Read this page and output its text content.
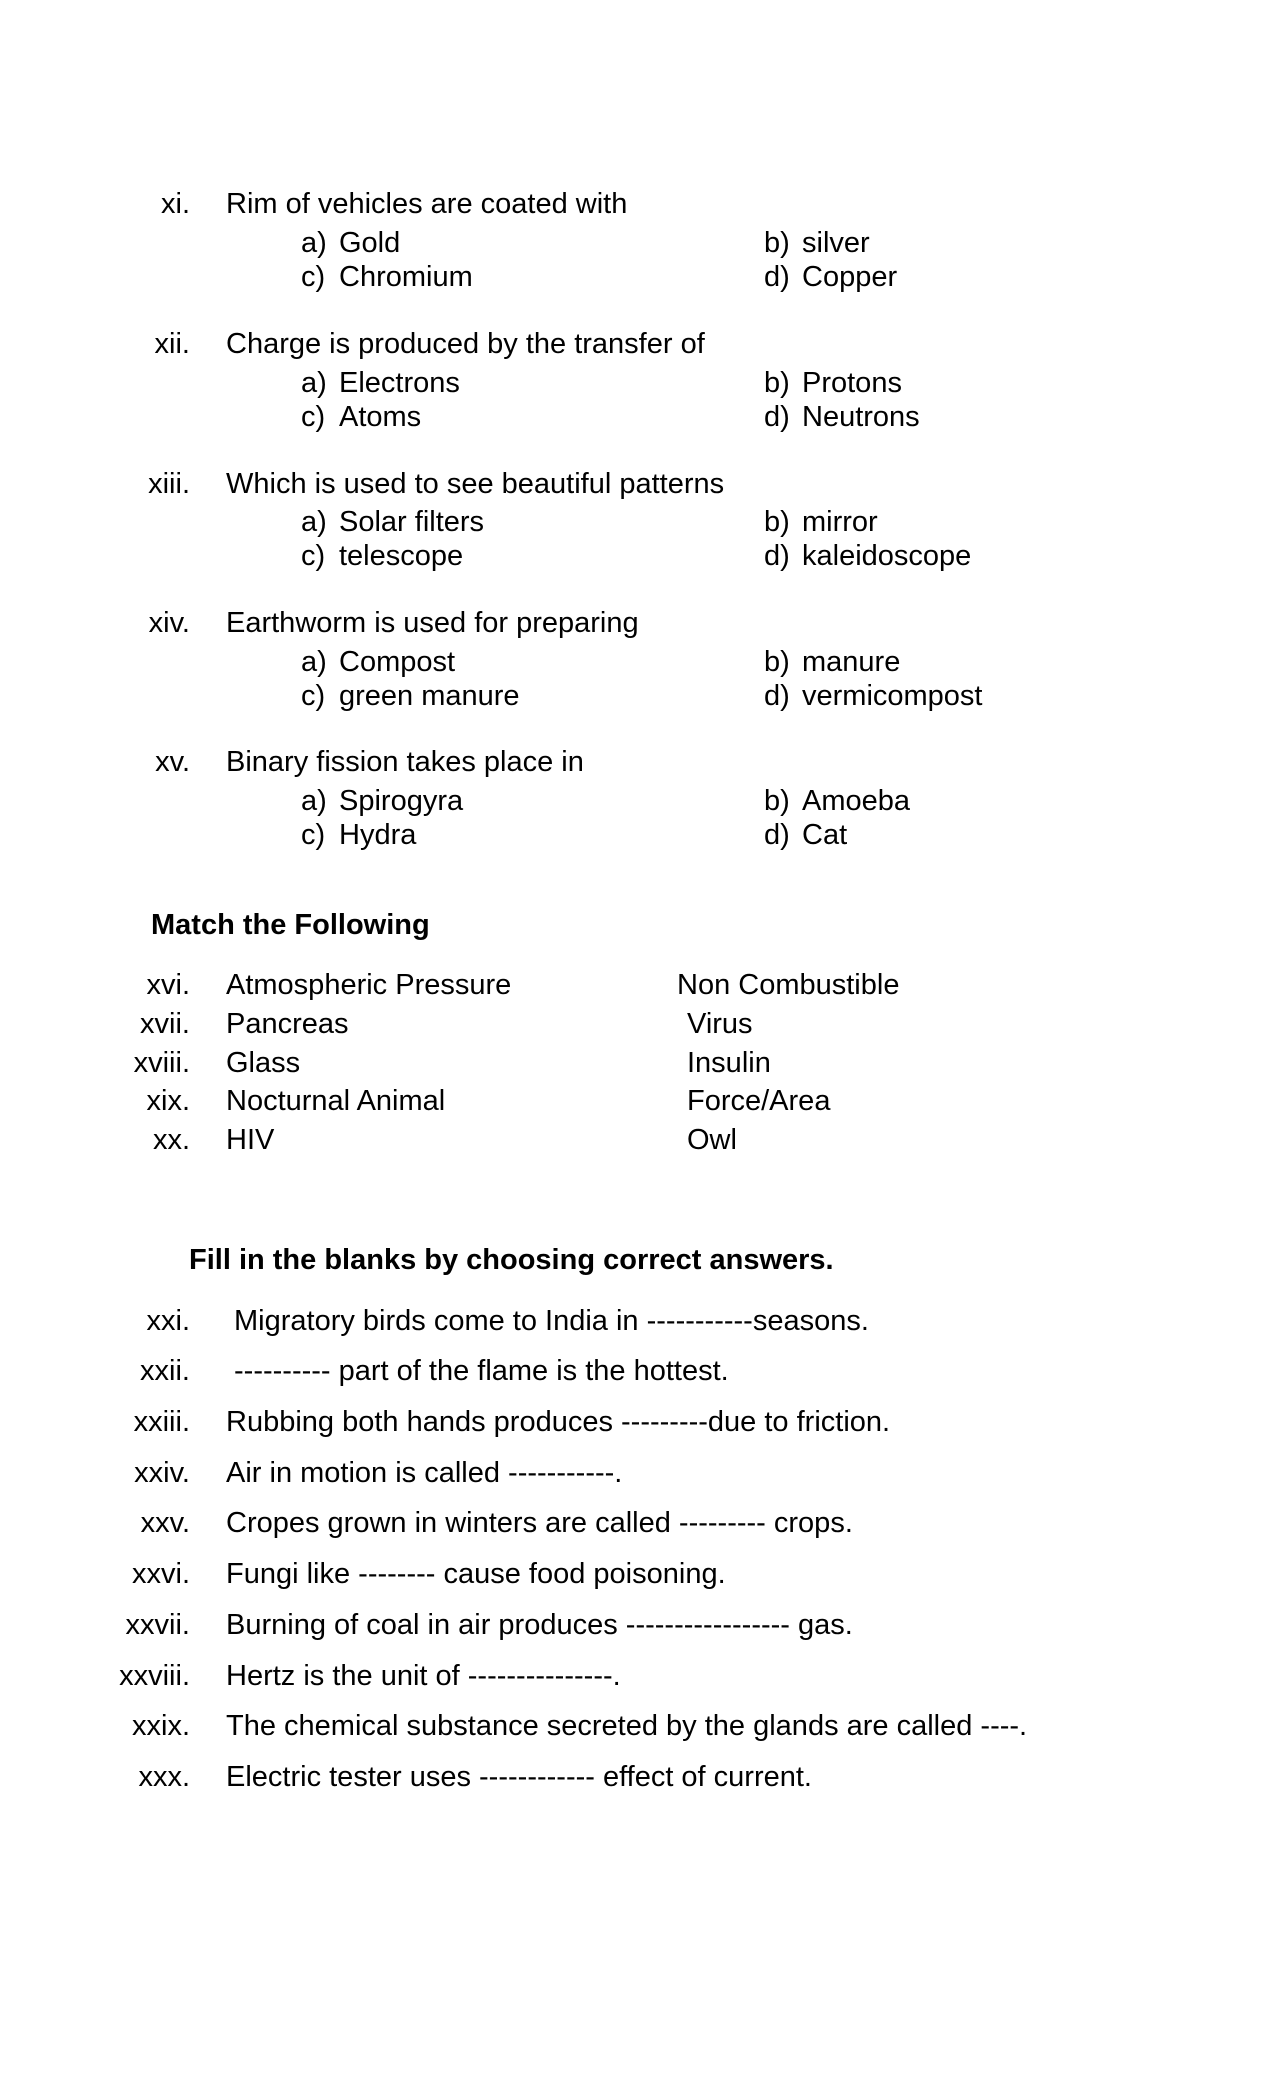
xi. Rim of vehicles are coated with
a) Gold	b) silver
c) Chromium	d) Copper
xii. Charge is produced by the transfer of
a) Electrons	b) Protons
c) Atoms	d) Neutrons
xiii. Which is used to see beautiful patterns
a) Solar filters	b) mirror
c) telescope	d) kaleidoscope
xiv. Earthworm is used for preparing
a) Compost	b) manure
c) green manure	d) vermicompost
xv. Binary fission takes place in
a) Spirogyra	b) Amoeba
c) Hydra	d) Cat
Match the Following
xvi. Atmospheric Pressure	Non Combustible
xvii. Pancreas	Virus
xviii. Glass	Insulin
xix. Nocturnal Animal	Force/Area
xx. HIV	Owl
Fill in the blanks by choosing correct answers.
xxi. Migratory birds come to India in -----------seasons.
xxii. ---------- part of the flame is the hottest.
xxiii. Rubbing both hands produces ---------due to friction.
xxiv. Air in motion is called -----------.
xxv. Cropes grown in winters are called --------- crops.
xxvi. Fungi like -------- cause food poisoning.
xxvii. Burning of coal in air produces ----------------- gas.
xxviii. Hertz is the unit of ---------------.
xxix. The chemical substance secreted by the glands are called ----.
xxx. Electric tester uses ------------ effect of current.
